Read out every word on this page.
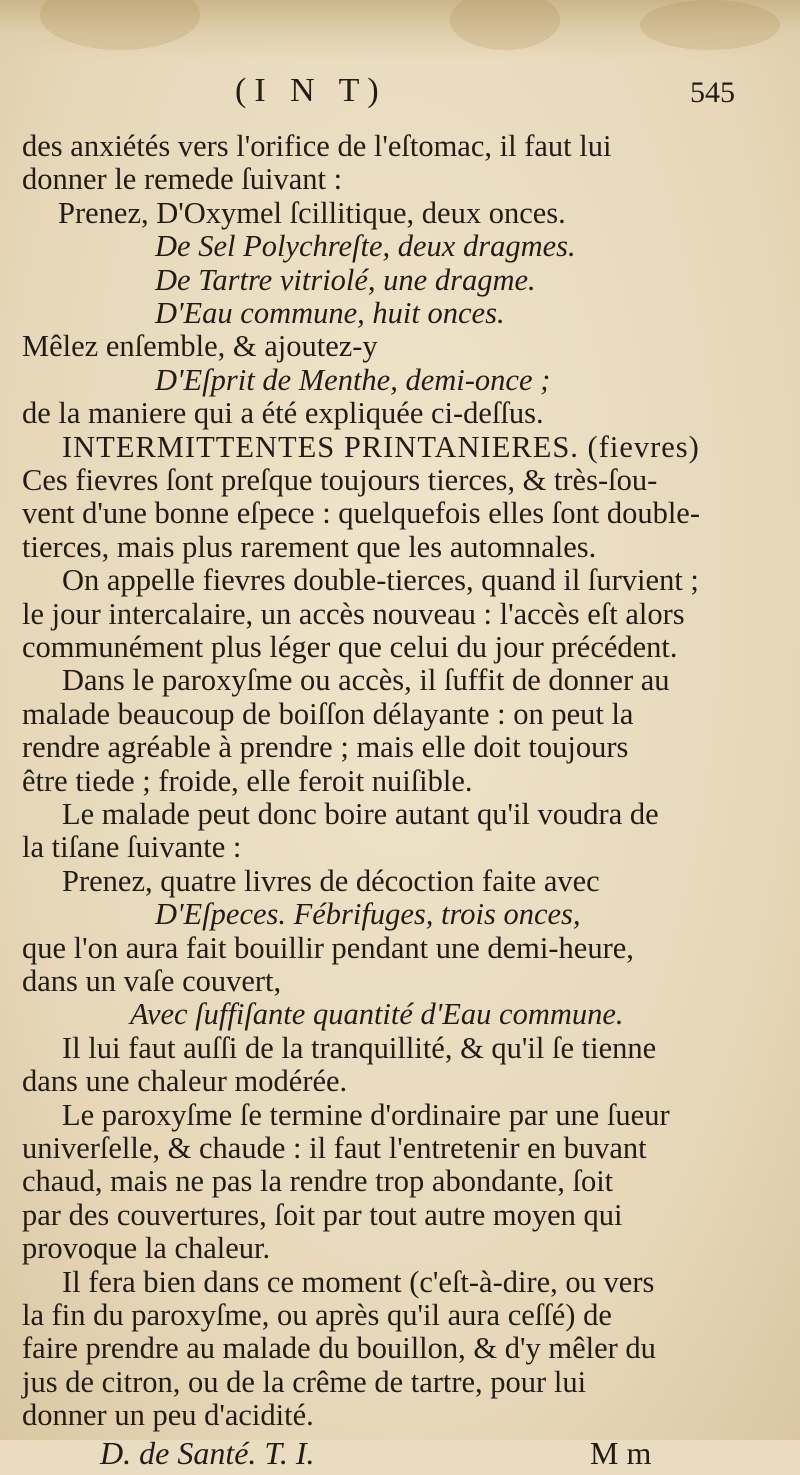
(I N T)	545
des anxiétés vers l'orifice de l'eſtomac, il faut lui
donner le remede ſuivant :
Prenez, D'Oxymel ſcillitique, deux onces.
De Sel Polychreſte, deux dragmes.
De Tartre vitriolé, une dragme.
D'Eau commune, huit onces.
Mêlez enſemble, & ajoutez-y
D'Eſprit de Menthe, demi-once ;
de la maniere qui a été expliquée ci-deſſus.
INTERMITTENTES PRINTANIERES. (fievres)
Ces fievres ſont preſque toujours tierces, & très-ſou-
vent d'une bonne eſpece : quelquefois elles ſont double-
tierces, mais plus rarement que les automnales.
On appelle fievres double-tierces, quand il ſurvient ;
le jour intercalaire, un accès nouveau : l'accès eſt alors
communément plus léger que celui du jour précédent.
Dans le paroxyſme ou accès, il ſuffit de donner au
malade beaucoup de boiſſon délayante : on peut la
rendre agréable à prendre ; mais elle doit toujours
être tiede ; froide, elle feroit nuiſible.
Le malade peut donc boire autant qu'il voudra de
la tiſane ſuivante :
Prenez, quatre livres de décoction faite avec
D'Eſpeces. Fébrifuges, trois onces,
que l'on aura fait bouillir pendant une demi-heure,
dans un vaſe couvert,
Avec ſuffiſante quantité d'Eau commune.
Il lui faut auſſi de la tranquillité, & qu'il ſe tienne
dans une chaleur modérée.
Le paroxyſme ſe termine d'ordinaire par une ſueur
univerſelle, & chaude : il faut l'entretenir en buvant
chaud, mais ne pas la rendre trop abondante, ſoit
par des couvertures, ſoit par tout autre moyen qui
provoque la chaleur.
Il fera bien dans ce moment (c'eſt-à-dire, ou vers
la fin du paroxyſme, ou après qu'il aura ceſſé) de
faire prendre au malade du bouillon, & d'y mêler du
jus de citron, ou de la crême de tartre, pour lui
donner un peu d'acidité.
D. de Santé. T. I.	M m
